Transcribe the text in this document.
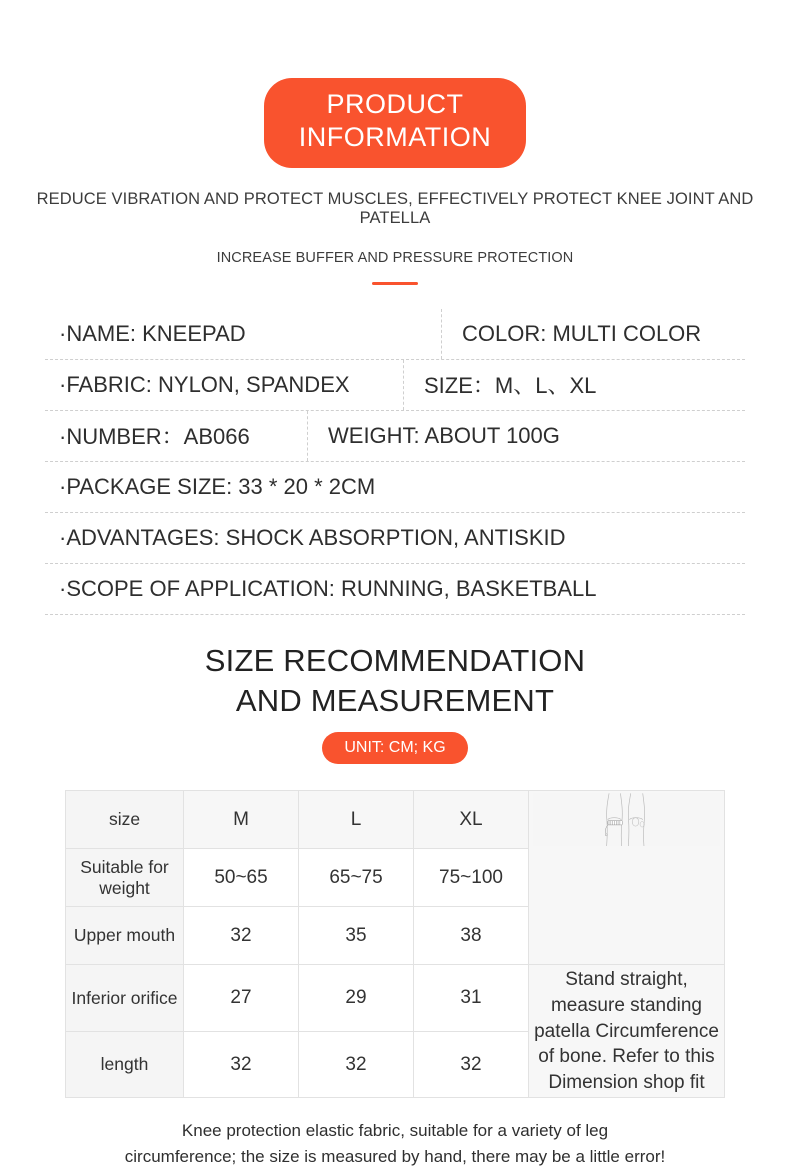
PRODUCT
INFORMATION
REDUCE VIBRATION AND PROTECT MUSCLES, EFFECTIVELY PROTECT KNEE JOINT AND PATELLA
INCREASE BUFFER AND PRESSURE PROTECTION
·NAME: KNEEPAD	COLOR: MULTI COLOR
·FABRIC: NYLON, SPANDEX	SIZE：M、L、XL
·NUMBER：AB066	WEIGHT: ABOUT 100G
·PACKAGE SIZE: 33 * 20 * 2CM
·ADVANTAGES: SHOCK ABSORPTION, ANTISKID
·SCOPE OF APPLICATION: RUNNING, BASKETBALL
SIZE RECOMMENDATION
AND MEASUREMENT
UNIT: CM; KG
size	M	L	XL	

Suitable for weight	50~65	65~75	75~100	
Upper mouth	32	35	38	
Inferior orifice	27	29	31	Stand straight, measure standing patella Circumference of bone. Refer to this Dimension shop fit
length	32	32	32	
Knee protection elastic fabric, suitable for a variety of leg
circumference; the size is measured by hand, there may be a little error!
